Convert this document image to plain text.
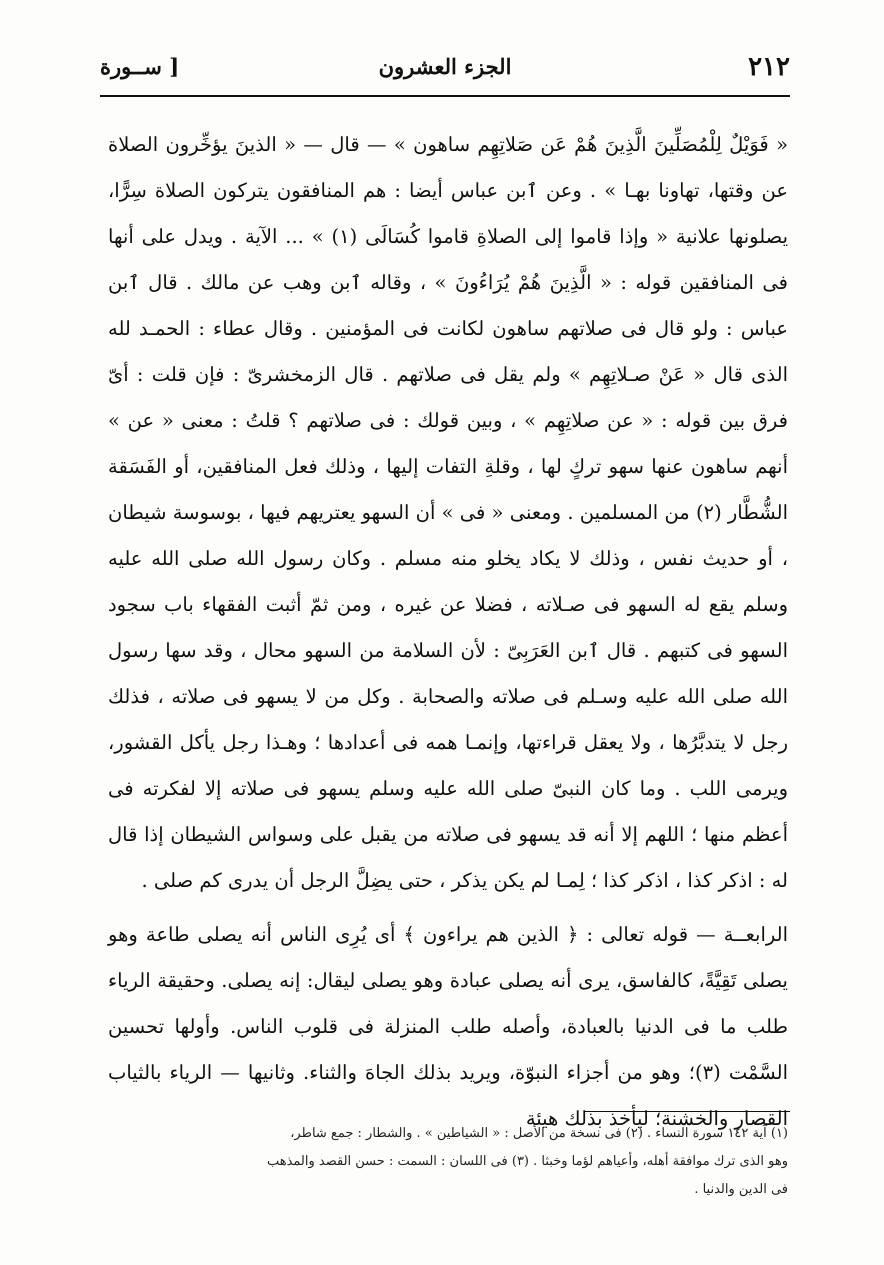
٢١٢
الجزء العشرون
[ ســورة

« فَوَيْلٌ لِلْمُصَلِّينَ الَّذِينَ هُمْ عَن صَلاتِهِم ساهون » — قال — « الذينَ يؤخِّرون الصلاة عن وقتها، تهاونا بهـا » . وعن ٱبن عباس أيضا : هم المنافقون يتركون الصلاة سِرًّا، يصلونها علانية « وإذا قاموا إلى الصلاةِ قاموا كُسَالَى (١) » ... الآية . ويدل على أنها فى المنافقين قوله : « الَّذِينَ هُمْ يُرَاءُونَ » ، وقاله ٱبن وهب عن مالك . قال ٱبن عباس : ولو قال فى صلاتهم ساهون لكانت فى المؤمنين . وقال عطاء : الحمـد لله الذى قال « عَنْ صـلاتِهِم » ولم يقل فى صلاتهم . قال الزمخشرىّ : فإن قلت : أىّ فرق بين قوله : « عن صلاتِهِم » ، وبين قولك : فى صلاتهم ؟ قلتُ : معنى « عن » أنهم ساهون عنها سهو تركٍ لها ، وقلةِ التفات إليها ، وذلك فعل المنافقين، أو الفَسَقة الشُّطَّار (٢) من المسلمين . ومعنى « فى » أن السهو يعتريهم فيها ، بوسوسة شيطان ، أو حديث نفس ، وذلك لا يكاد يخلو منه مسلم . وكان رسول الله صلى الله عليه وسلم يقع له السهو فى صـلاته ، فضلا عن غيره ، ومن ثمّ أثبت الفقهاء باب سجود السهو فى كتبهم . قال ٱبن العَرَبِىّ : لأن السلامة من السهو محال ، وقد سها رسول الله صلى الله عليه وسـلم فى صلاته والصحابة . وكل من لا يسهو فى صلاته ، فذلك رجل لا يتدبَّرُها ، ولا يعقل قراءتها، وإنمـا همه فى أعدادها ؛ وهـذا رجل يأكل القشور، ويرمى اللب . وما كان النبىّ صلى الله عليه وسلم يسهو فى صلاته إلا لفكرته فى أعظم منها ؛ اللهم إلا أنه قد يسهو فى صلاته من يقبل على وسواس الشيطان إذا قال له : اذكر كذا ، اذكر كذا ؛ لِمـا لم يكن يذكر ، حتى يضِلَّ الرجل أن يدرى كم صلى .

الرابعــة — قوله تعالى : ﴿ الذين هم يراءون ﴾ أى يُرِى الناس أنه يصلى طاعة وهو يصلى تَقِيَّةً، كالفاسق، يرى أنه يصلى عبادة وهو يصلى ليقال: إنه يصلى. وحقيقة الرياء طلب ما فى الدنيا بالعبادة، وأصله طلب المنزلة فى قلوب الناس. وأولها تحسين السَّمْت (٣)؛ وهو من أجزاء النبوّة، ويريد بذلك الجاهَ والثناء. وثانيها — الرياء بالثياب القصار والخشنة؛ ليأخذ بذلك هيئة

(١) آية ١٤٢ سورة النساء . (٢) فى نسخة من الأصل : « الشياطين » . والشطار : جمع شاطر،

وهو الذى ترك موافقة أهله، وأعياهم لؤما وخبثا . (٣) فى اللسان : السمت : حسن القصد والمذهب

فى الدين والدنيا .
